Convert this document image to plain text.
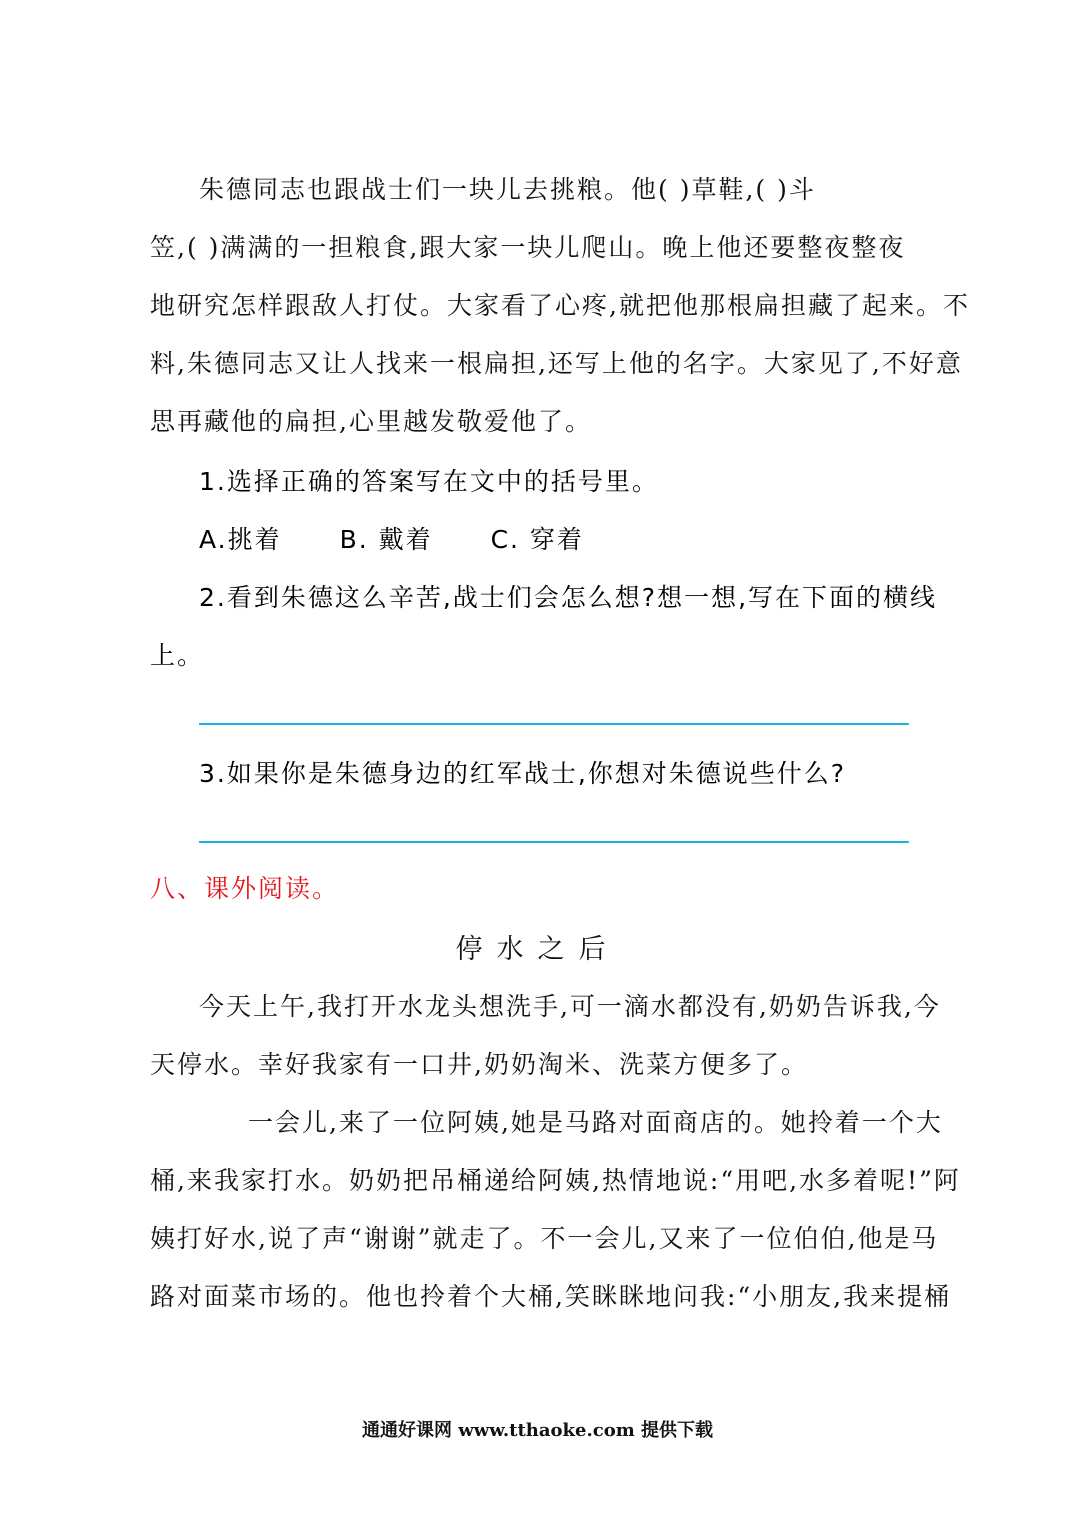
朱德同志也跟战士们一块儿去挑粮。他( )草鞋,( )斗
笠,( )满满的一担粮食,跟大家一块儿爬山。晚上他还要整夜整夜
地研究怎样跟敌人打仗。大家看了心疼,就把他那根扁担藏了起来。不
料,朱德同志又让人找来一根扁担,还写上他的名字。大家见了,不好意
思再藏他的扁担,心里越发敬爱他了。
1.选择正确的答案写在文中的括号里。
A.挑着 B. 戴着 C. 穿着
2.看到朱德这么辛苦,战士们会怎么想?想一想,写在下面的横线
上。
3.如果你是朱德身边的红军战士,你想对朱德说些什么?
八、课外阅读。
停水之后
今天上午,我打开水龙头想洗手,可一滴水都没有,奶奶告诉我,今
天停水。幸好我家有一口井,奶奶淘米、洗菜方便多了。
一会儿,来了一位阿姨,她是马路对面商店的。她拎着一个大
桶,来我家打水。奶奶把吊桶递给阿姨,热情地说:“用吧,水多着呢!”阿
姨打好水,说了声“谢谢”就走了。不一会儿,又来了一位伯伯,他是马
路对面菜市场的。他也拎着个大桶,笑眯眯地问我:“小朋友,我来提桶
通通好课网 www.tthaoke.com 提供下载
